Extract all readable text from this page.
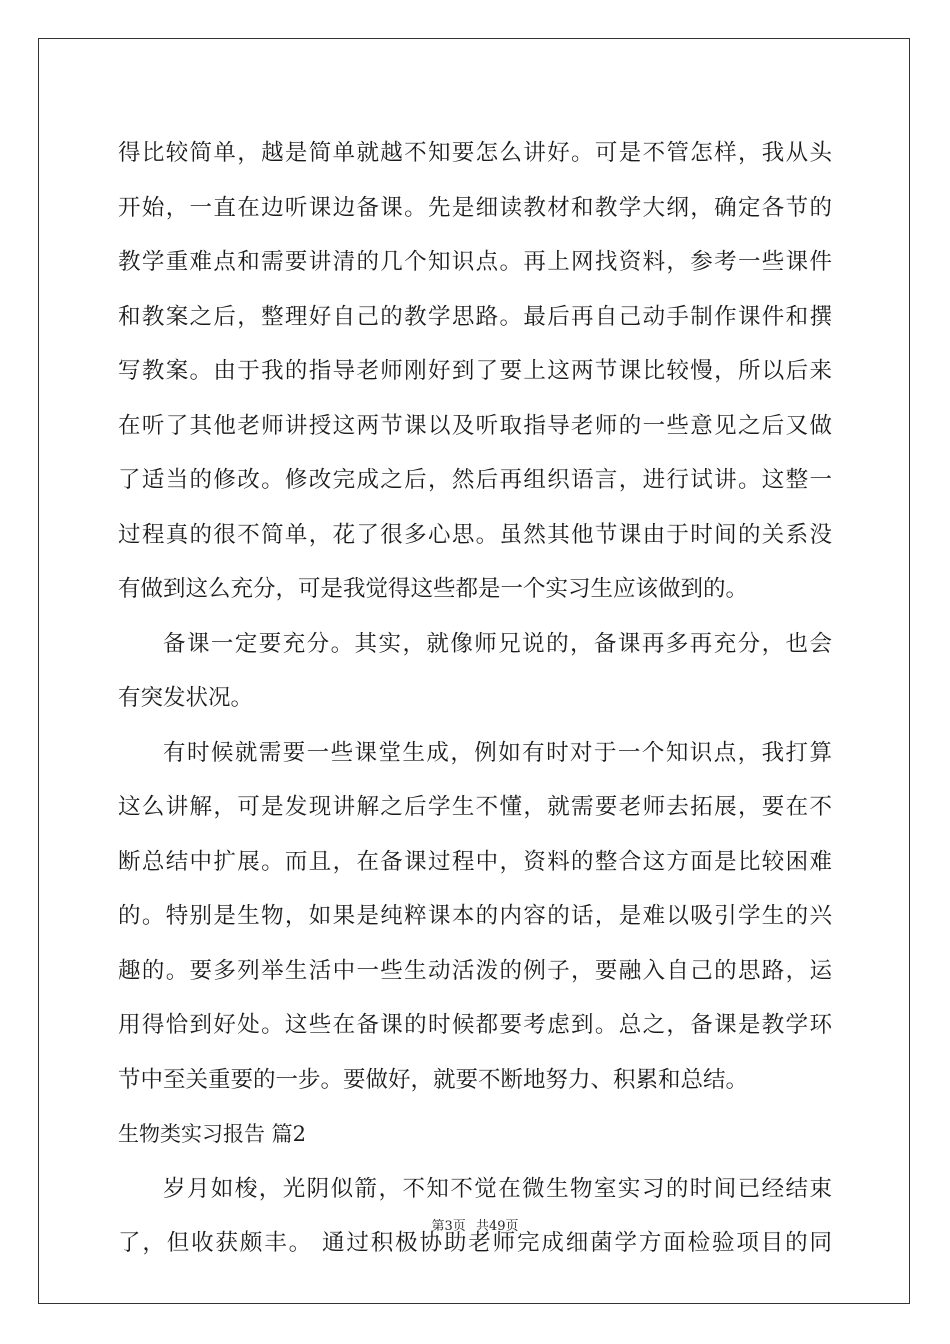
得比较简单，越是简单就越不知要怎么讲好。可是不管怎样，我从头
开始，一直在边听课边备课。先是细读教材和教学大纲，确定各节的
教学重难点和需要讲清的几个知识点。再上网找资料，参考一些课件
和教案之后，整理好自己的教学思路。最后再自己动手制作课件和撰
写教案。由于我的指导老师刚好到了要上这两节课比较慢，所以后来
在听了其他老师讲授这两节课以及听取指导老师的一些意见之后又做
了适当的修改。修改完成之后，然后再组织语言，进行试讲。这整一
过程真的很不简单，花了很多心思。虽然其他节课由于时间的关系没
有做到这么充分，可是我觉得这些都是一个实习生应该做到的。
备课一定要充分。其实，就像师兄说的，备课再多再充分，也会
有突发状况。
有时候就需要一些课堂生成，例如有时对于一个知识点，我打算
这么讲解，可是发现讲解之后学生不懂，就需要老师去拓展，要在不
断总结中扩展。而且，在备课过程中，资料的整合这方面是比较困难
的。特别是生物，如果是纯粹课本的内容的话，是难以吸引学生的兴
趣的。要多列举生活中一些生动活泼的例子，要融入自己的思路，运
用得恰到好处。这些在备课的时候都要考虑到。总之，备课是教学环
节中至关重要的一步。要做好，就要不断地努力、积累和总结。
生物类实习报告 篇2
岁月如梭，光阴似箭，不知不觉在微生物室实习的时间已经结束
了，但收获颇丰。 通过积极协助老师完成细菌学方面检验项目的同
第3页 共49页
